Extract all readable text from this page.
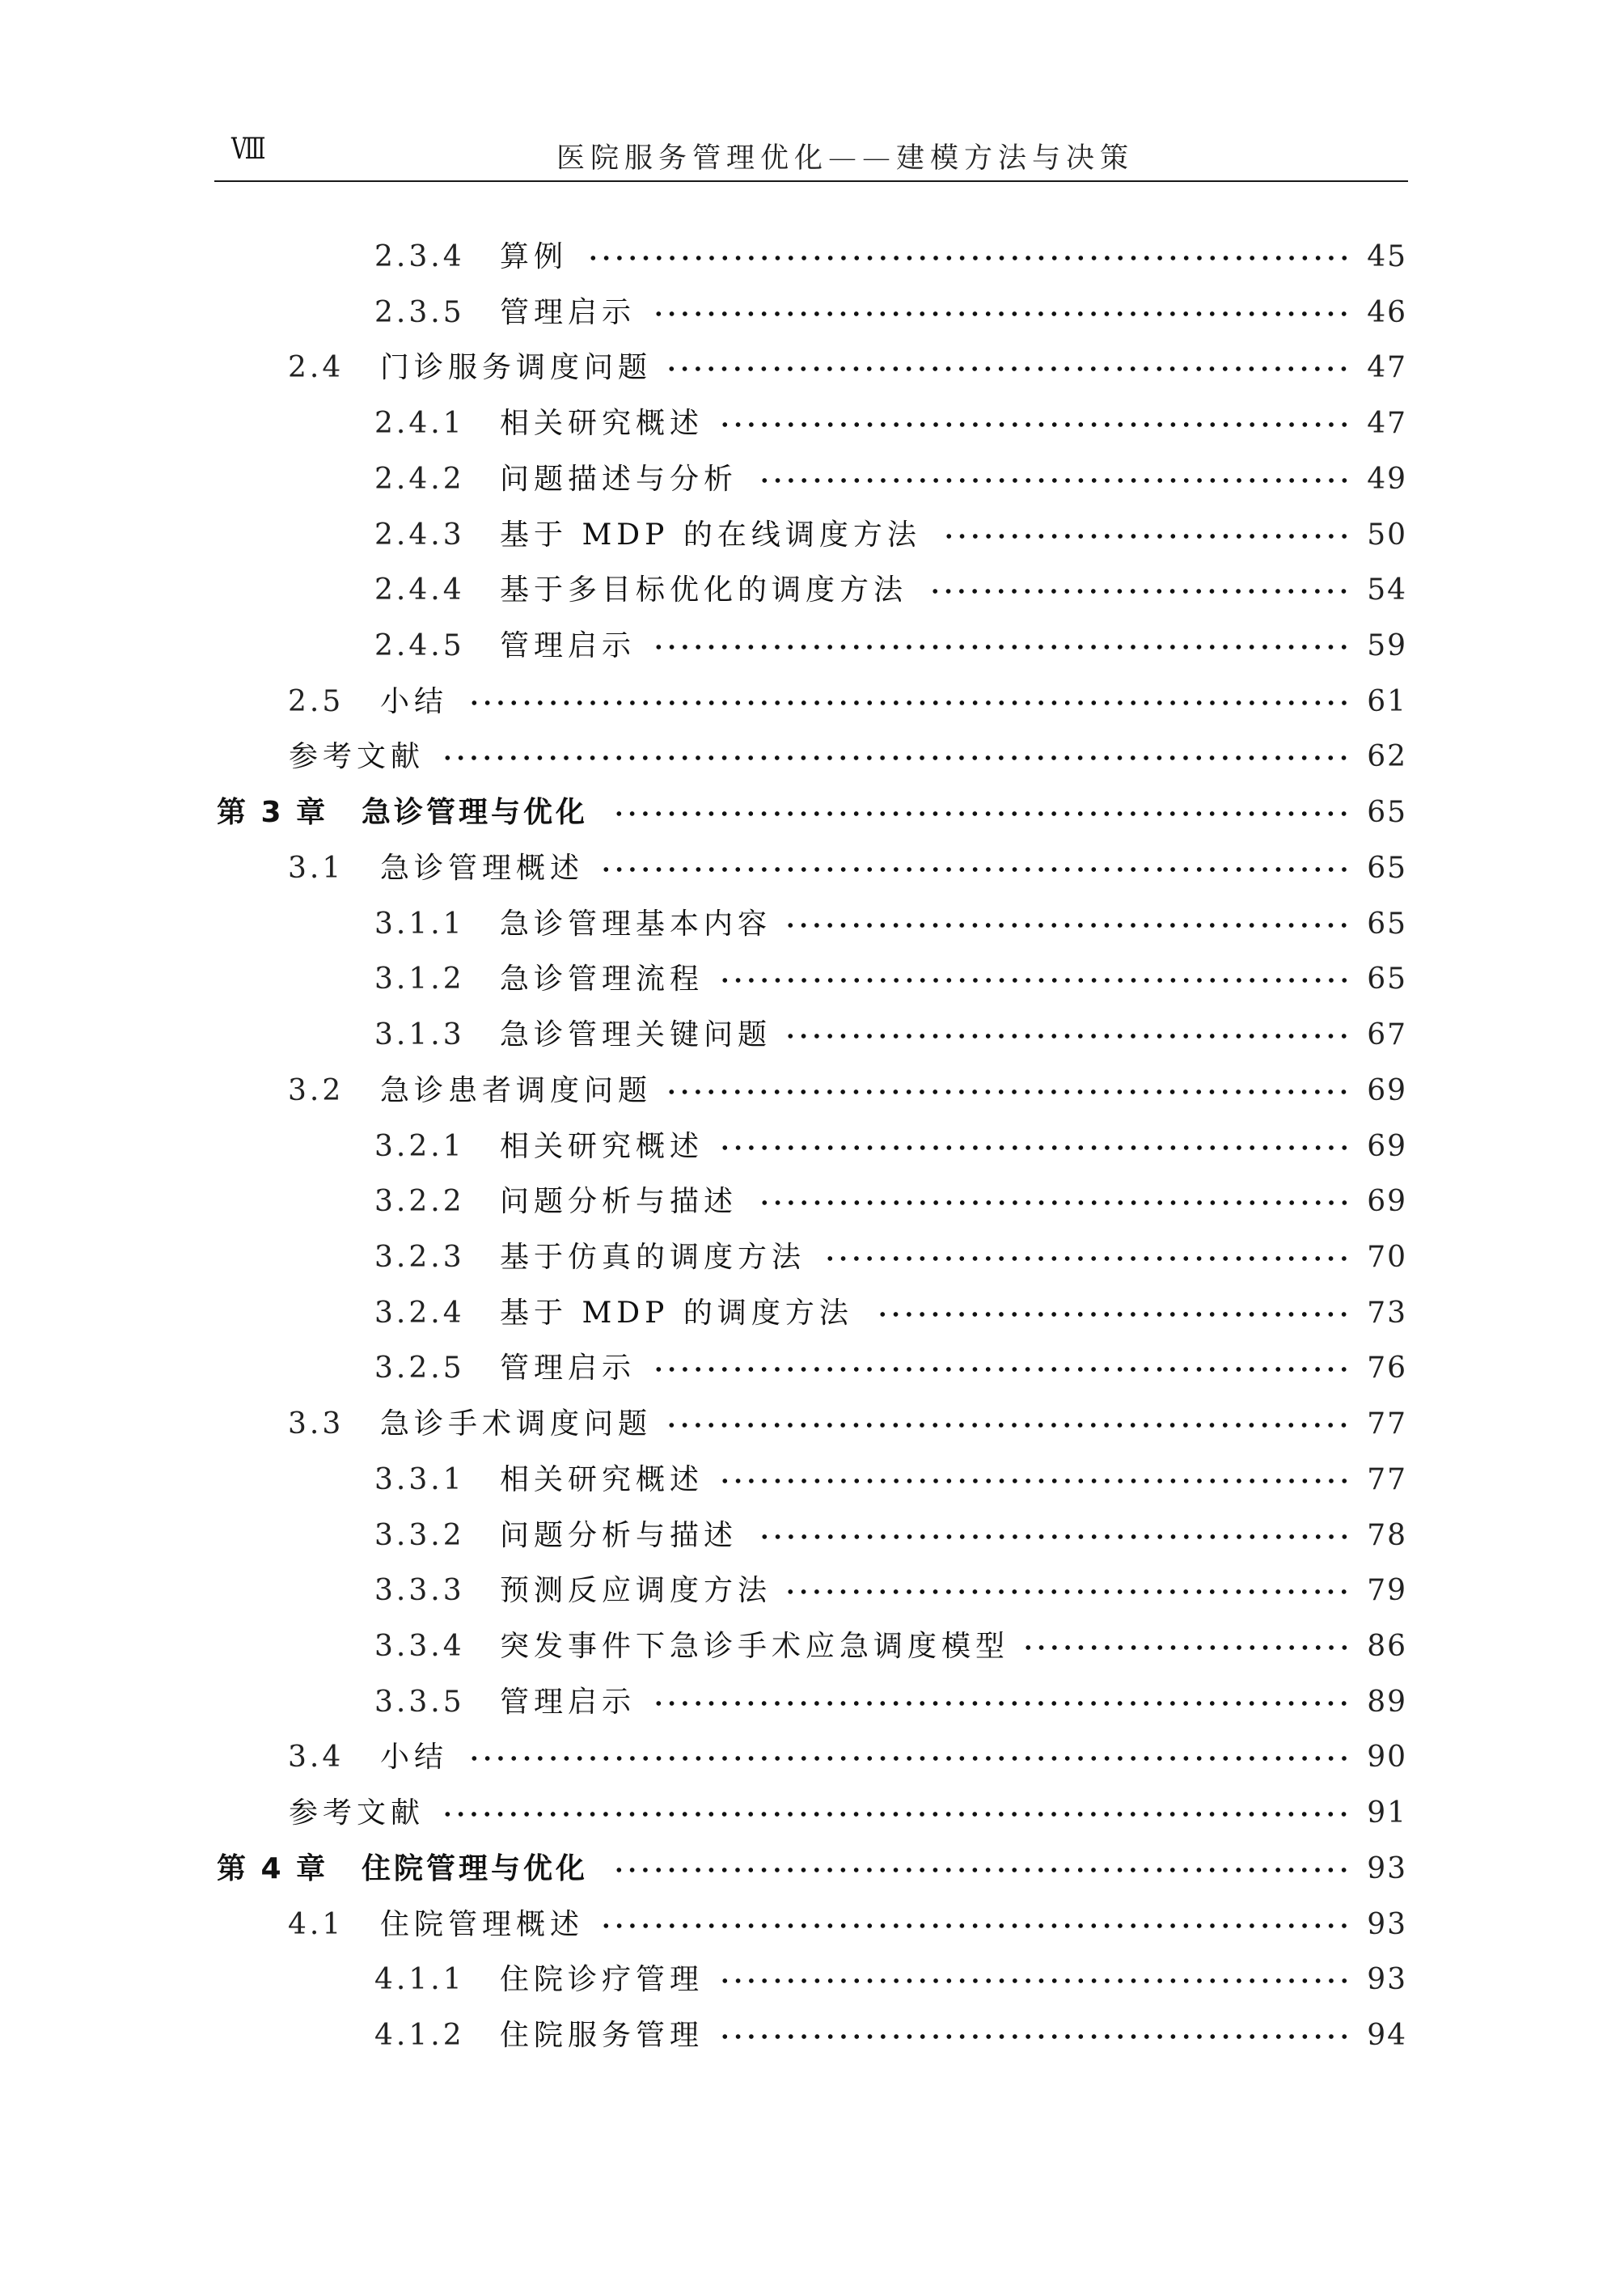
Ⅷ	医院服务管理优化——建模方法与决策
2.3.4 算例	45
2.3.5 管理启示	46
2.4 门诊服务调度问题	47
2.4.1 相关研究概述	47
2.4.2 问题描述与分析	49
2.4.3 基于 MDP 的在线调度方法	50
2.4.4 基于多目标优化的调度方法	54
2.4.5 管理启示	59
2.5 小结	61
参考文献	62
第 3 章 急诊管理与优化	65
3.1 急诊管理概述	65
3.1.1 急诊管理基本内容	65
3.1.2 急诊管理流程	65
3.1.3 急诊管理关键问题	67
3.2 急诊患者调度问题	69
3.2.1 相关研究概述	69
3.2.2 问题分析与描述	69
3.2.3 基于仿真的调度方法	70
3.2.4 基于 MDP 的调度方法	73
3.2.5 管理启示	76
3.3 急诊手术调度问题	77
3.3.1 相关研究概述	77
3.3.2 问题分析与描述	78
3.3.3 预测反应调度方法	79
3.3.4 突发事件下急诊手术应急调度模型	86
3.3.5 管理启示	89
3.4 小结	90
参考文献	91
第 4 章 住院管理与优化	93
4.1 住院管理概述	93
4.1.1 住院诊疗管理	93
4.1.2 住院服务管理	94
